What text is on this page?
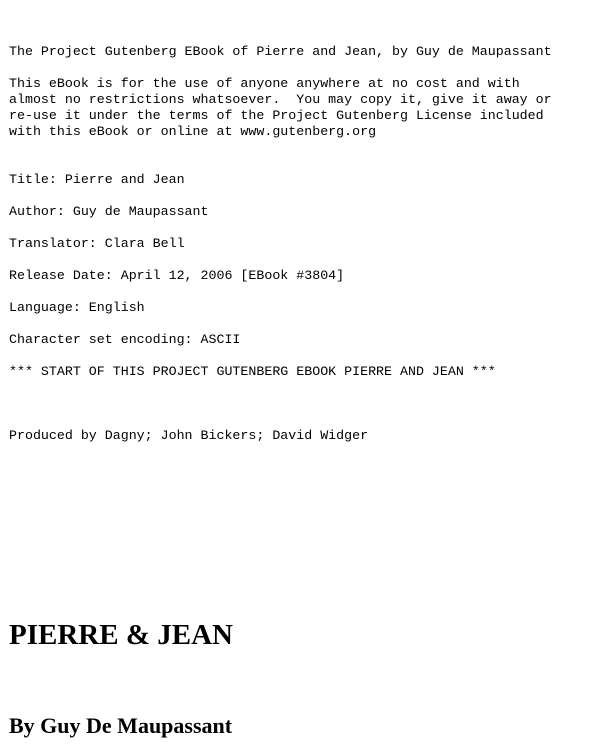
The Project Gutenberg EBook of Pierre and Jean, by Guy de Maupassant
This eBook is for the use of anyone anywhere at no cost and with
almost no restrictions whatsoever.  You may copy it, give it away or
re-use it under the terms of the Project Gutenberg License included
with this eBook or online at www.gutenberg.org
Title: Pierre and Jean
Author: Guy de Maupassant
Translator: Clara Bell
Release Date: April 12, 2006 [EBook #3804]
Language: English
Character set encoding: ASCII
*** START OF THIS PROJECT GUTENBERG EBOOK PIERRE AND JEAN ***
Produced by Dagny; John Bickers; David Widger
PIERRE & JEAN
By Guy De Maupassant
